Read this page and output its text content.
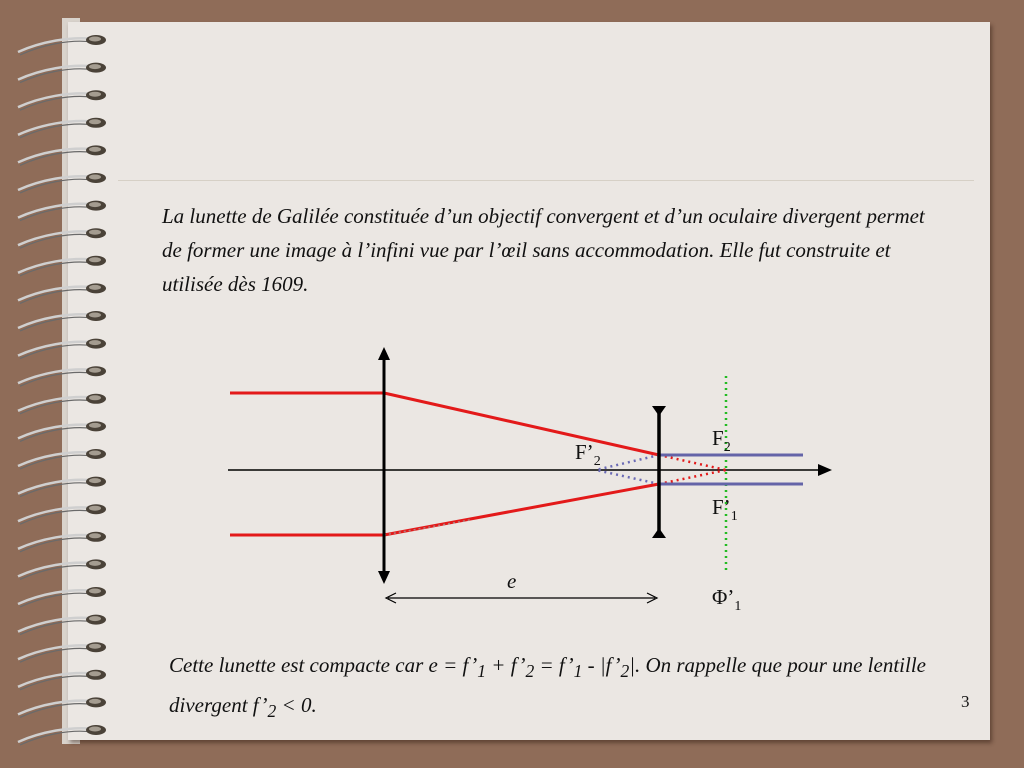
La lunette de Galilée constituée d’un objectif convergent et d’un oculaire divergent permet de former une image à l’infini vue par l’œil sans accommodation. Elle fut construite et utilisée dès 1609.

$F’_2$
$F_2$
$F’_1$
e
$\Phi’_1$

Cette lunette est compacte car $e = f’_1$ + $f’_2$ = $f’_1$ - $|f’_2|$. On rappelle que pour une lentille divergent $f’_2 < 0$.	3
